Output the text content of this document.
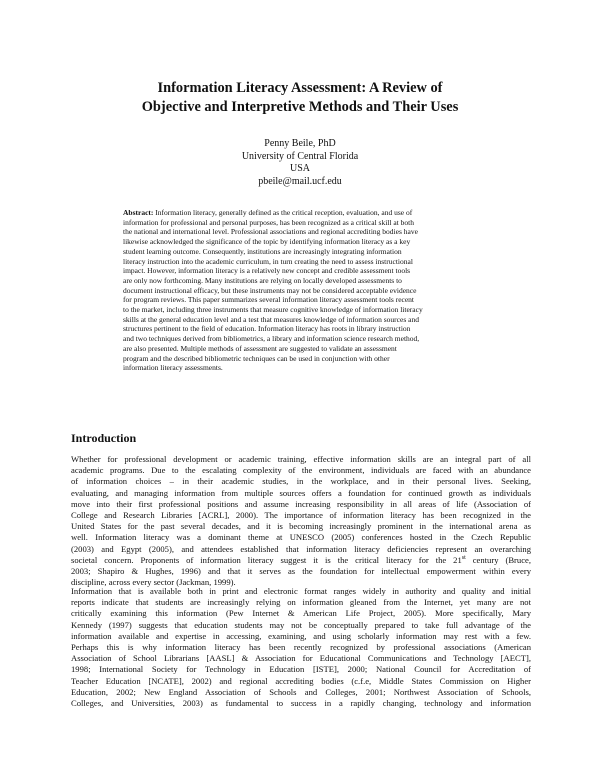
Information Literacy Assessment: A Review of
Objective and Interpretive Methods and Their Uses
Penny Beile, PhD
University of Central Florida
USA
pbeile@mail.ucf.edu
Abstract: Information literacy, generally defined as the critical reception, evaluation, and use of
information for professional and personal purposes, has been recognized as a critical skill at both
the national and international level. Professional associations and regional accrediting bodies have
likewise acknowledged the significance of the topic by identifying information literacy as a key
student learning outcome. Consequently, institutions are increasingly integrating information
literacy instruction into the academic curriculum, in turn creating the need to assess instructional
impact. However, information literacy is a relatively new concept and credible assessment tools
are only now forthcoming. Many institutions are relying on locally developed assessments to
document instructional efficacy, but these instruments may not be considered acceptable evidence
for program reviews. This paper summarizes several information literacy assessment tools recent
to the market, including three instruments that measure cognitive knowledge of information literacy
skills at the general education level and a test that measures knowledge of information sources and
structures pertinent to the field of education. Information literacy has roots in library instruction
and two techniques derived from bibliometrics, a library and information science research method,
are also presented. Multiple methods of assessment are suggested to validate an assessment
program and the described bibliometric techniques can be used in conjunction with other
information literacy assessments.
Introduction
Whether for professional development or academic training, effective information skills are an integral part of all
academic programs. Due to the escalating complexity of the environment, individuals are faced with an abundance
of information choices – in their academic studies, in the workplace, and in their personal lives. Seeking,
evaluating, and managing information from multiple sources offers a foundation for continued growth as individuals
move into their first professional positions and assume increasing responsibility in all areas of life (Association of
College and Research Libraries [ACRL], 2000). The importance of information literacy has been recognized in the
United States for the past several decades, and it is becoming increasingly prominent in the international arena as
well. Information literacy was a dominant theme at UNESCO (2005) conferences hosted in the Czech Republic
(2003) and Egypt (2005), and attendees established that information literacy deficiencies represent an overarching
societal concern. Proponents of information literacy suggest it is the critical literacy for the 21st century (Bruce,
2003; Shapiro & Hughes, 1996) and that it serves as the foundation for intellectual empowerment within every
discipline, across every sector (Jackman, 1999).
Information that is available both in print and electronic format ranges widely in authority and quality and initial
reports indicate that students are increasingly relying on information gleaned from the Internet, yet many are not
critically examining this information (Pew Internet & American Life Project, 2005). More specifically, Mary
Kennedy (1997) suggests that education students may not be conceptually prepared to take full advantage of the
information available and expertise in accessing, examining, and using scholarly information may rest with a few.
Perhaps this is why information literacy has been recently recognized by professional associations (American
Association of School Librarians [AASL] & Association for Educational Communications and Technology [AECT],
1998; International Society for Technology in Education [ISTE], 2000; National Council for Accreditation of
Teacher Education [NCATE], 2002) and regional accrediting bodies (c.f.e, Middle States Commission on Higher
Education, 2002; New England Association of Schools and Colleges, 2001; Northwest Association of Schools,
Colleges, and Universities, 2003) as fundamental to success in a rapidly changing, technology and information
